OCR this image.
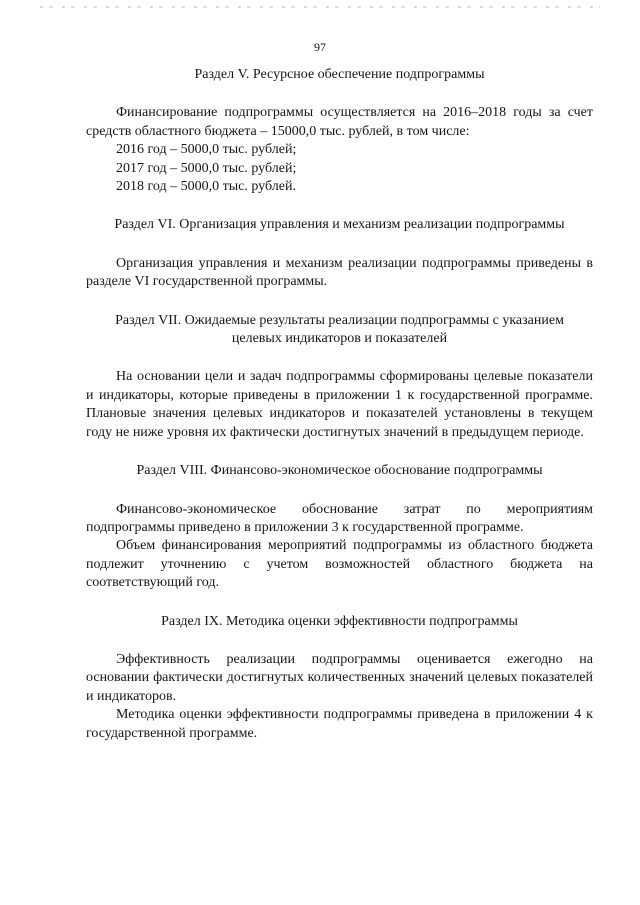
97
Раздел V. Ресурсное обеспечение подпрограммы

Финансирование подпрограммы осуществляется на 2016–2018 годы за счет средств областного бюджета – 15000,0 тыс. рублей, в том числе:

2016 год – 5000,0 тыс. рублей;
2017 год – 5000,0 тыс. рублей;
2018 год – 5000,0 тыс. рублей.
Раздел VI. Организация управления и механизм реализации подпрограммы

Организация управления и механизм реализации подпрограммы приведены в разделе VI государственной программы.

Раздел VII. Ожидаемые результаты реализации подпрограммы с указанием
целевых индикаторов и показателей

На основании цели и задач подпрограммы сформированы целевые показатели и индикаторы, которые приведены в приложении 1 к государственной программе. Плановые значения целевых индикаторов и показателей установлены в текущем году не ниже уровня их фактически достигнутых значений в предыдущем периоде.

Раздел VIII. Финансово-экономическое обоснование подпрограммы

Финансово-экономическое обоснование затрат по мероприятиям подпрограммы приведено в приложении 3 к государственной программе.

Объем финансирования мероприятий подпрограммы из областного бюджета подлежит уточнению с учетом возможностей областного бюджета на соответствующий год.

Раздел IX. Методика оценки эффективности подпрограммы

Эффективность реализации подпрограммы оценивается ежегодно на основании фактически достигнутых количественных значений целевых показателей и индикаторов.

Методика оценки эффективности подпрограммы приведена в приложении 4 к государственной программе.
